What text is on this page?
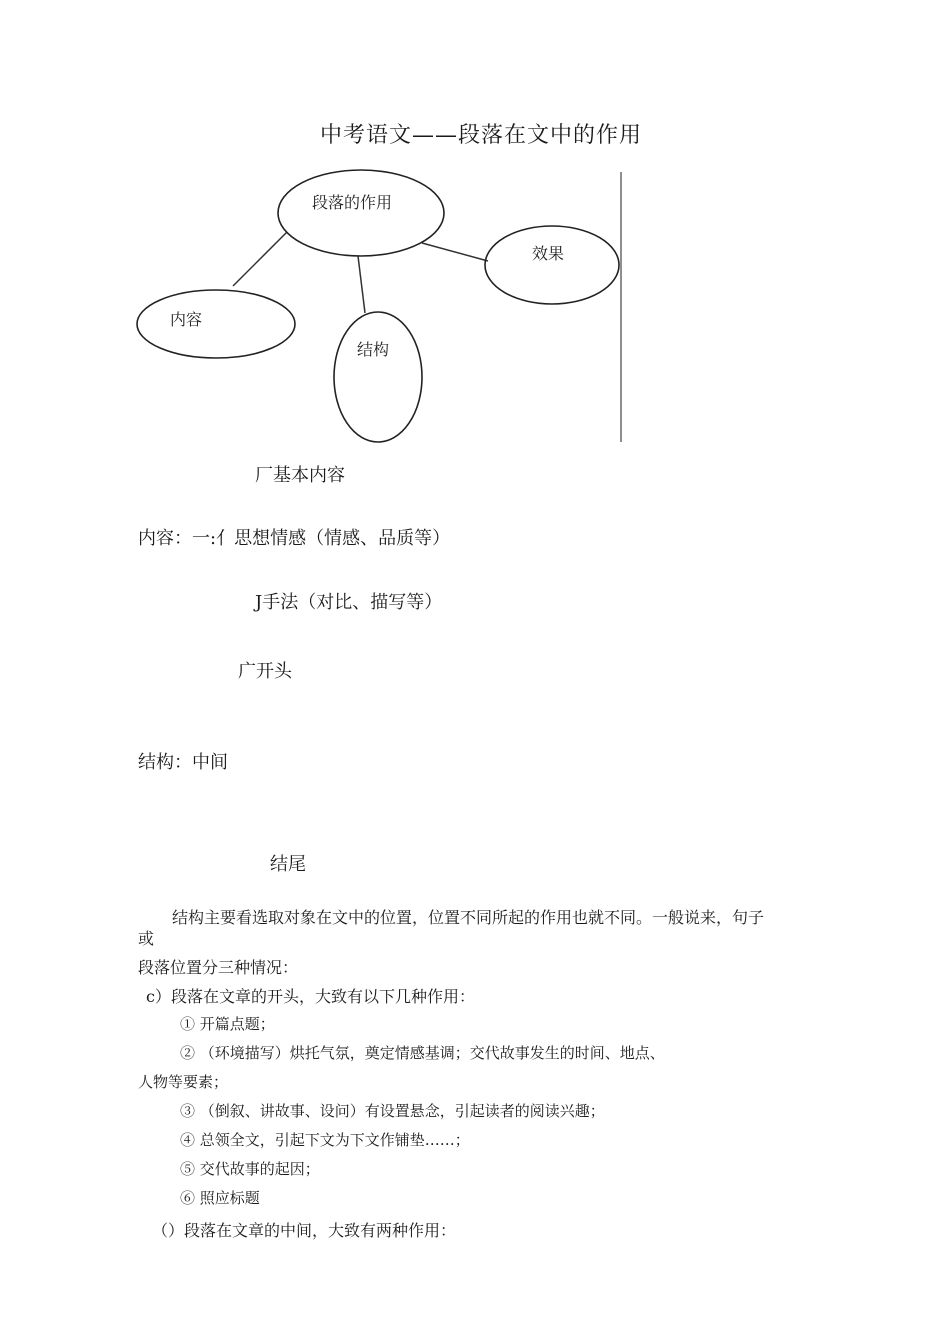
中考语文——段落在文中的作用
段落的作用
效果
内容
结构
厂基本内容
内容：一:亻思想情感（情感、品质等）
J手法（对比、描写等）
广开头
结构：中间
结尾
结构主要看选取对象在文中的位置，位置不同所起的作用也就不同。一般说来，句子
或
段落位置分三种情况：
c）段落在文章的开头，大致有以下几种作用：
① 开篇点题；
② （环境描写）烘托气氛，奠定情感基调；交代故事发生的时间、地点、
人物等要素；
③ （倒叙、讲故事、设问）有设置悬念，引起读者的阅读兴趣；
④ 总领全文，引起下文为下文作铺垫……；
⑤ 交代故事的起因；
⑥ 照应标题
（）段落在文章的中间，大致有两种作用：
